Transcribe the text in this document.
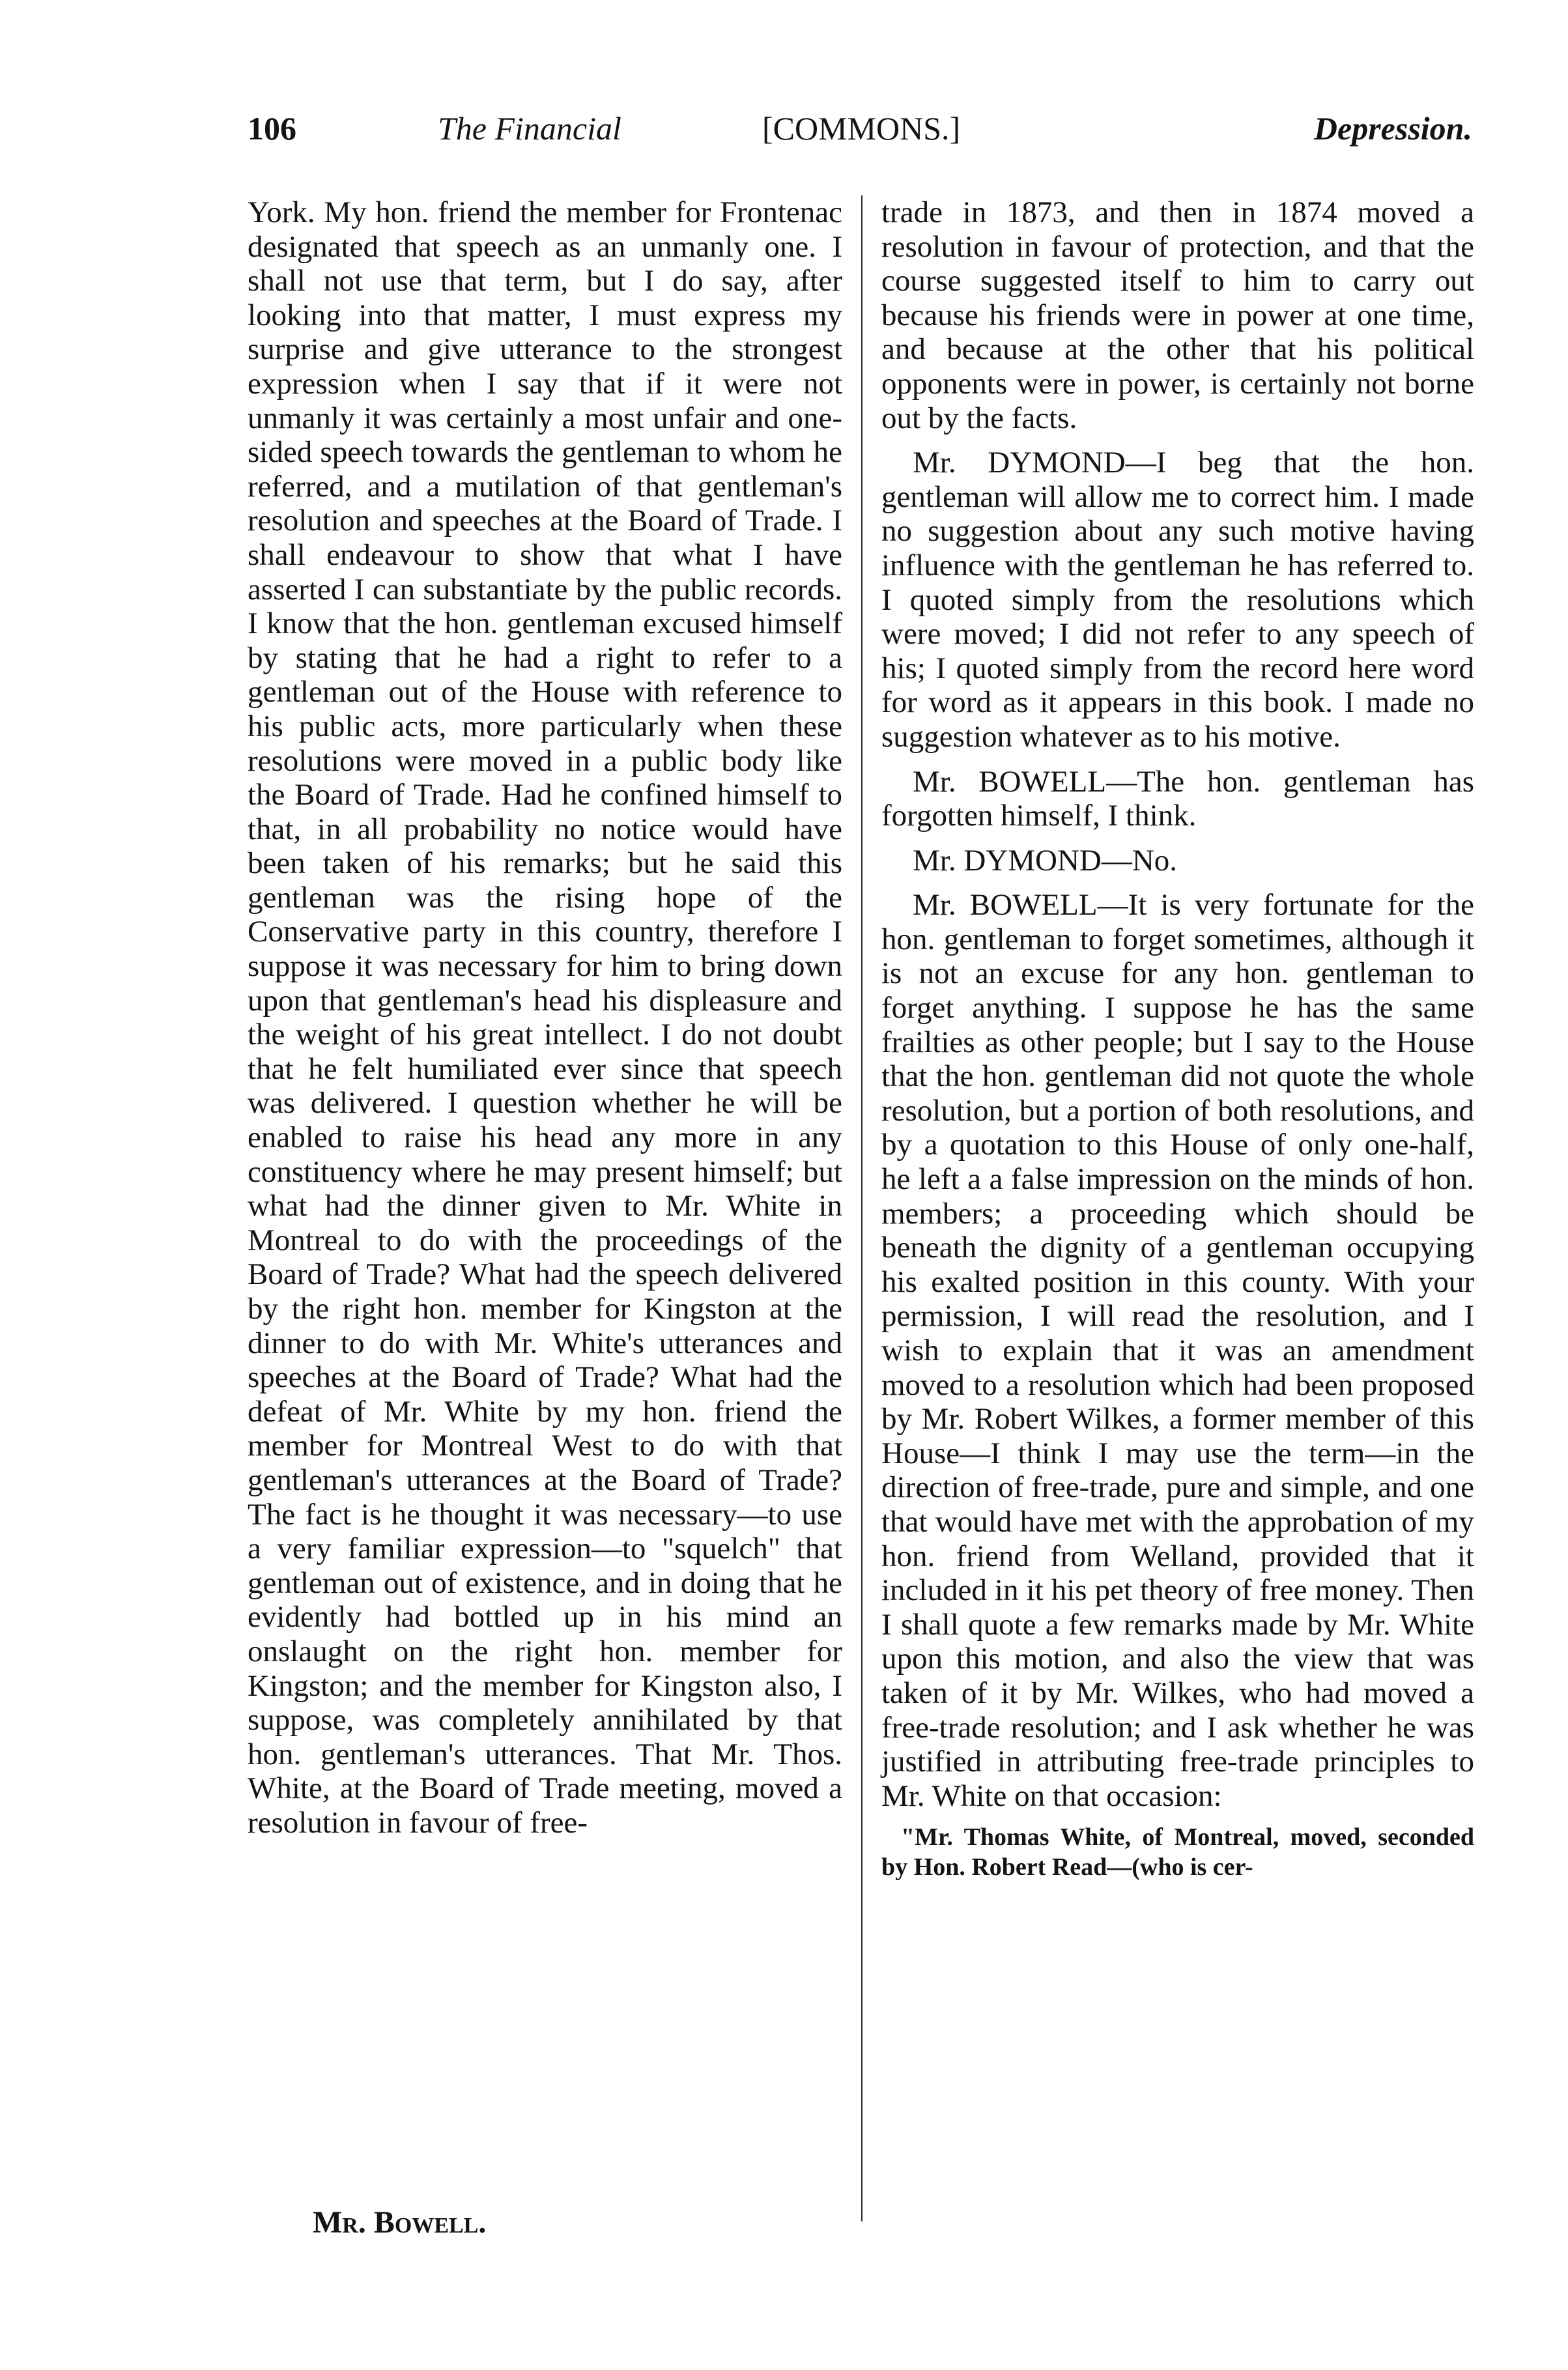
106	The Financial	[COMMONS.]	Depression.

York. My hon. friend the member for Frontenac designated that speech as an unmanly one. I shall not use that term, but I do say, after looking into that matter, I must express my surprise and give utterance to the strongest expression when I say that if it were not unmanly it was certainly a most unfair and one-sided speech towards the gentleman to whom he referred, and a mutilation of that gentleman's resolution and speeches at the Board of Trade. I shall endeavour to show that what I have asserted I can substantiate by the public records. I know that the hon. gentleman excused himself by stating that he had a right to refer to a gentleman out of the House with reference to his public acts, more particularly when these resolutions were moved in a public body like the Board of Trade. Had he confined himself to that, in all probability no notice would have been taken of his remarks; but he said this gentleman was the rising hope of the Conservative party in this country, therefore I suppose it was necessary for him to bring down upon that gentleman's head his displeasure and the weight of his great intellect. I do not doubt that he felt humiliated ever since that speech was delivered. I question whether he will be enabled to raise his head any more in any constituency where he may present himself; but what had the dinner given to Mr. White in Montreal to do with the proceedings of the Board of Trade? What had the speech delivered by the right hon. member for Kingston at the dinner to do with Mr. White's utterances and speeches at the Board of Trade? What had the defeat of Mr. White by my hon. friend the member for Montreal West to do with that gentleman's utterances at the Board of Trade? The fact is he thought it was necessary—to use a very familiar expression—to "squelch" that gentleman out of existence, and in doing that he evidently had bottled up in his mind an onslaught on the right hon. member for Kingston; and the member for Kingston also, I suppose, was completely annihilated by that hon. gentleman's utterances. That Mr. Thos. White, at the Board of Trade meeting, moved a resolution in favour of free-

trade in 1873, and then in 1874 moved a resolution in favour of protection, and that the course suggested itself to him to carry out because his friends were in power at one time, and because at the other that his political opponents were in power, is certainly not borne out by the facts.

Mr. DYMOND—I beg that the hon. gentleman will allow me to correct him. I made no suggestion about any such motive having influence with the gentleman he has referred to. I quoted simply from the resolutions which were moved; I did not refer to any speech of his; I quoted simply from the record here word for word as it appears in this book. I made no suggestion whatever as to his motive.

Mr. BOWELL—The hon. gentleman has forgotten himself, I think.

Mr. DYMOND—No.

Mr. BOWELL—It is very fortunate for the hon. gentleman to forget sometimes, although it is not an excuse for any hon. gentleman to forget anything. I suppose he has the same frailties as other people; but I say to the House that the hon. gentleman did not quote the whole resolution, but a portion of both resolutions, and by a quotation to this House of only one-half, he left a a false impression on the minds of hon. members; a proceeding which should be beneath the dignity of a gentleman occupying his exalted position in this county. With your permission, I will read the resolution, and I wish to explain that it was an amendment moved to a resolution which had been proposed by Mr. Robert Wilkes, a former member of this House—I think I may use the term—in the direction of free-trade, pure and simple, and one that would have met with the approbation of my hon. friend from Welland, provided that it included in it his pet theory of free money. Then I shall quote a few remarks made by Mr. White upon this motion, and also the view that was taken of it by Mr. Wilkes, who had moved a free-trade resolution; and I ask whether he was justified in attributing free-trade principles to Mr. White on that occasion:

"Mr. Thomas White, of Montreal, moved, seconded by Hon. Robert Read—(who is cer-

Mr. Bowell.
